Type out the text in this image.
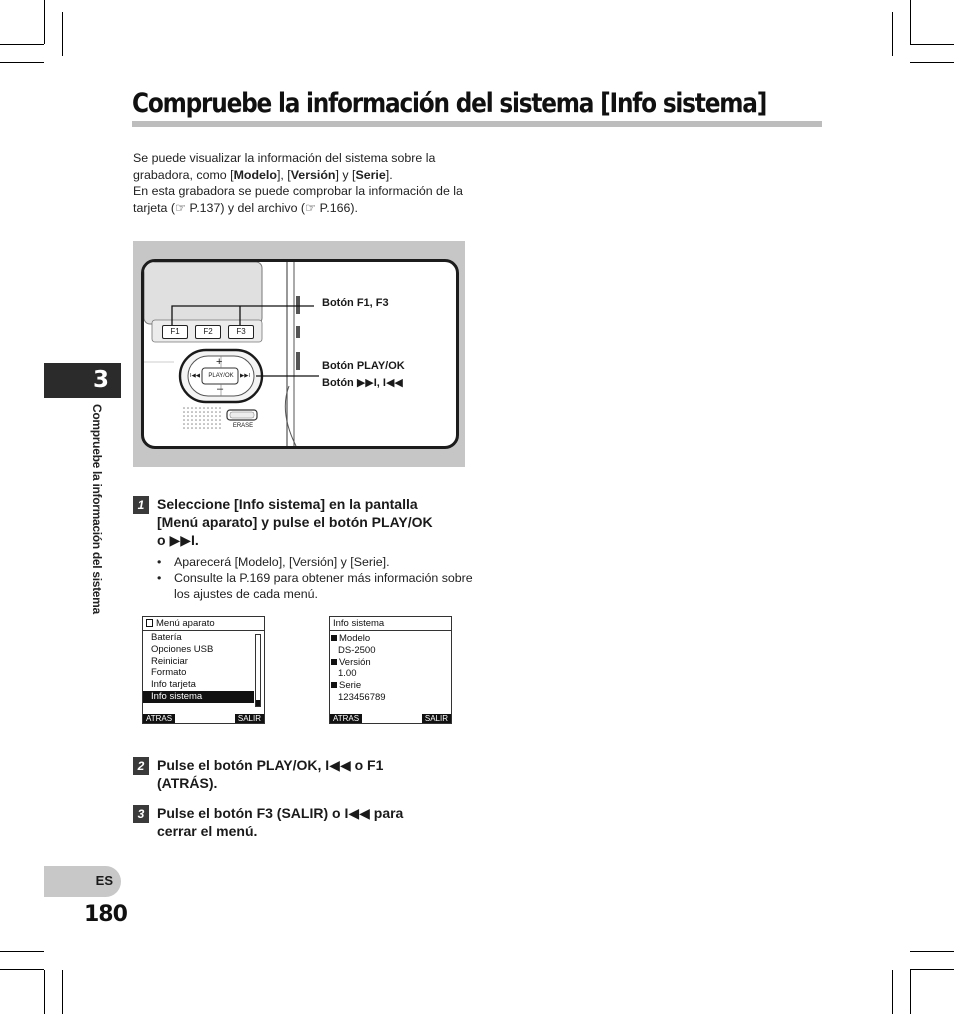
Compruebe la información del sistema [Info sistema]
Se puede visualizar la información del sistema sobre la grabadora, como [Modelo], [Versión] y [Serie].
En esta grabadora se puede comprobar la información de la tarjeta (☞ P.137) y del archivo (☞ P.166).
3
Compruebe la información del sistema
F1	F2	F3
+
–
PLAY/OK
I◀◀	▶▶I
ERASE
Botón F1, F3
Botón PLAY/OK
Botón ▶▶I, I◀◀
1 Seleccione [Info sistema] en la pantalla
[Menú aparato] y pulse el botón PLAY/OK
o ▶▶I.
• Aparecerá [Modelo], [Versión] y [Serie].
• Consulte la P.169 para obtener más información sobre los ajustes de cada menú.
Menú aparato
Batería
Opciones USB
Reiniciar
Formato
Info tarjeta
Info sistema
ATRAS	SALIR
Info sistema
Modelo
DS-2500
Versión
1.00
Serie
123456789
ATRAS	SALIR
2 Pulse el botón PLAY/OK, I◀◀ o F1
(ATRÁS).
3 Pulse el botón F3 (SALIR) o I◀◀ para
cerrar el menú.
ES
180
